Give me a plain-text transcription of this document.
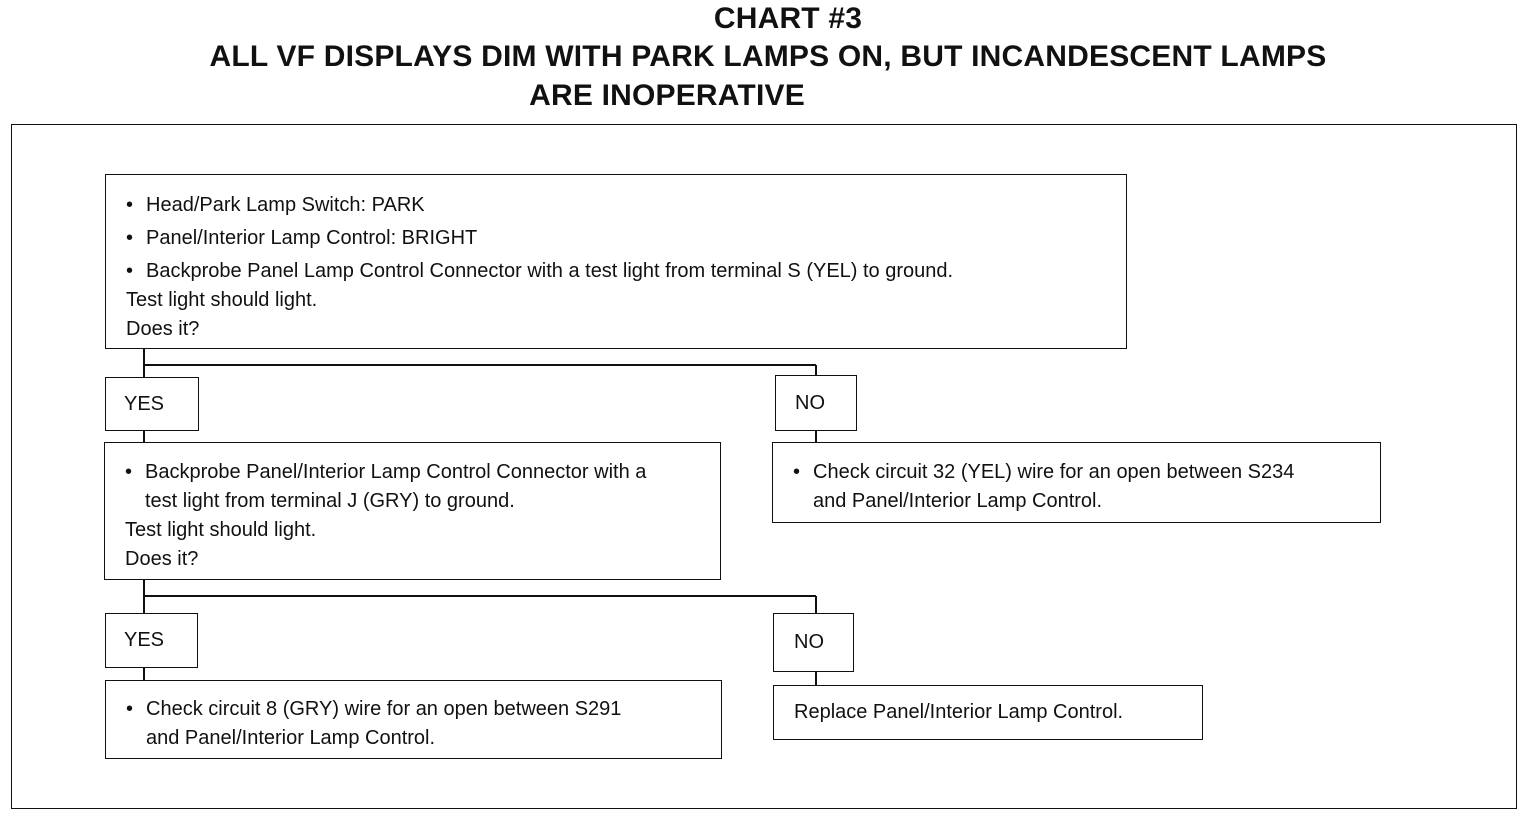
CHART #3
ALL VF DISPLAYS DIM WITH PARK LAMPS ON, BUT INCANDESCENT LAMPS
ARE INOPERATIVE
• Head/Park Lamp Switch: PARK
• Panel/Interior Lamp Control: BRIGHT
• Backprobe Panel Lamp Control Connector with a test light from terminal S (YEL) to ground.
Test light should light.
Does it?
YES	NO
• Backprobe Panel/Interior Lamp Control Connector with a
test light from terminal J (GRY) to ground.
Test light should light.
Does it?
• Check circuit 32 (YEL) wire for an open between S234
and Panel/Interior Lamp Control.
YES	NO
• Check circuit 8 (GRY) wire for an open between S291
and Panel/Interior Lamp Control.
Replace Panel/Interior Lamp Control.
